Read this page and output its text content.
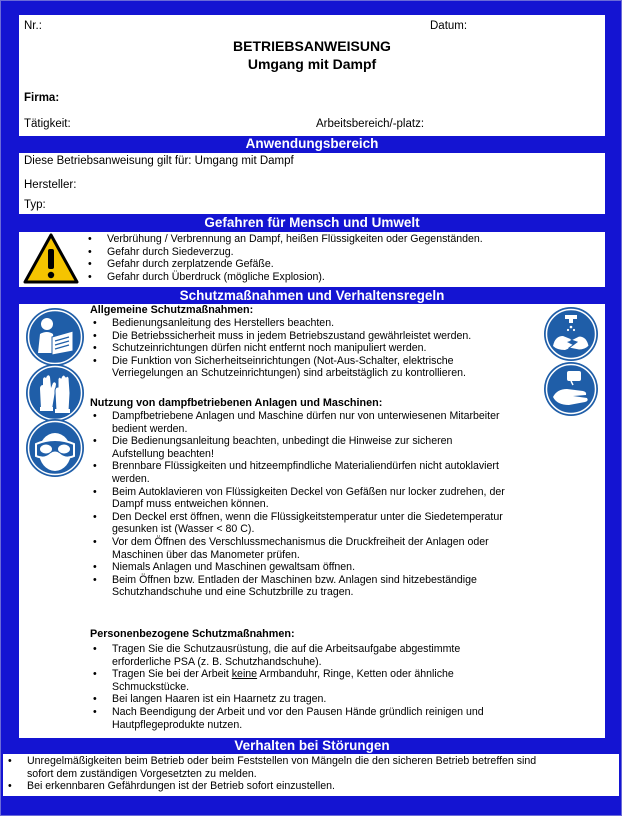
Nr.:	Datum:
BETRIEBSANWEISUNG
Umgang mit Dampf
Firma:
Tätigkeit:	Arbeitsbereich/-platz:
Anwendungsbereich
Diese Betriebsanweisung gilt für: Umgang mit Dampf
Hersteller:
Typ:
Gefahren für Mensch und Umwelt
• Verbrühung / Verbrennung an Dampf, heißen Flüssigkeiten oder Gegenständen.
• Gefahr durch Siedeverzug.
• Gefahr durch zerplatzende Gefäße.
• Gefahr durch Überdruck (mögliche Explosion).
Schutzmaßnahmen und Verhaltensregeln
Allgemeine Schutzmaßnahmen:
• Bedienungsanleitung des Herstellers beachten.
• Die Betriebssicherheit muss in jedem Betriebszustand gewährleistet werden.
• Schutzeinrichtungen dürfen nicht entfernt noch manipuliert werden.
• Die Funktion von Sicherheitseinrichtungen (Not-Aus-Schalter, elektrische
Verriegelungen an Schutzeinrichtungen) sind arbeitstäglich zu kontrollieren.
Nutzung von dampfbetriebenen Anlagen und Maschinen:
• Dampfbetriebene Anlagen und Maschine dürfen nur von unterwiesenen Mitarbeiter
bedient werden.
• Die Bedienungsanleitung beachten, unbedingt die Hinweise zur sicheren
Aufstellung beachten!
• Brennbare Flüssigkeiten und hitzeempfindliche Materialiendürfen nicht autoklaviert
werden.
• Beim Autoklavieren von Flüssigkeiten Deckel von Gefäßen nur locker zudrehen, der
Dampf muss entweichen können.
• Den Deckel erst öffnen, wenn die Flüssigkeitstemperatur unter die Siedetemperatur
gesunken ist (Wasser < 80 C).
• Vor dem Öffnen des Verschlussmechanismus die Druckfreiheit der Anlagen oder
Maschinen über das Manometer prüfen.
• Niemals Anlagen und Maschinen gewaltsam öffnen.
• Beim Öffnen bzw. Entladen der Maschinen bzw. Anlagen sind hitzebeständige
Schutzhandschuhe und eine Schutzbrille zu tragen.
Personenbezogene Schutzmaßnahmen:
• Tragen Sie die Schutzausrüstung, die auf die Arbeitsaufgabe abgestimmte
erforderliche PSA (z. B. Schutzhandschuhe).
• Tragen Sie bei der Arbeit keine Armbanduhr, Ringe, Ketten oder ähnliche
Schmuckstücke.
• Bei langen Haaren ist ein Haarnetz zu tragen.
• Nach Beendigung der Arbeit und vor den Pausen Hände gründlich reinigen und
Hautpflegeprodukte nutzen.
Verhalten bei Störungen
• Unregelmäßigkeiten beim Betrieb oder beim Feststellen von Mängeln die den sicheren Betrieb betreffen sind
sofort dem zuständigen Vorgesetzten zu melden.
• Bei erkennbaren Gefährdungen ist der Betrieb sofort einzustellen.
